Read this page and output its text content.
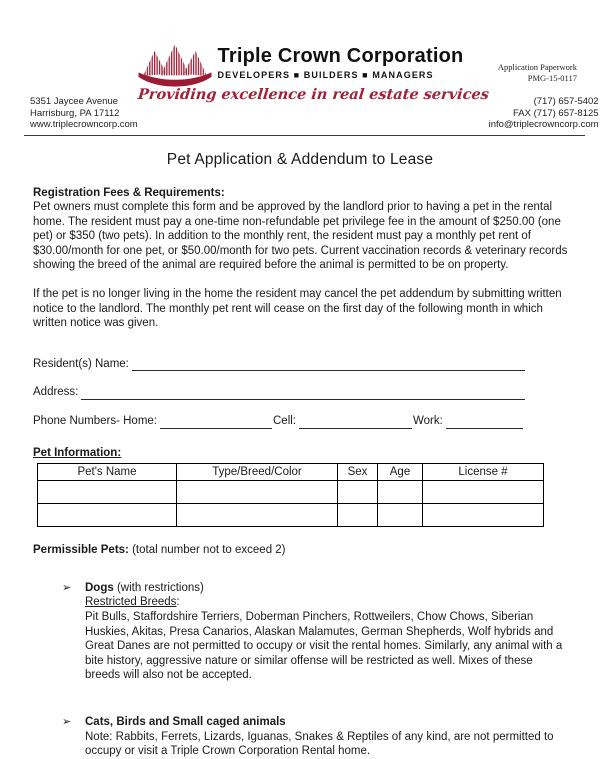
Application Paperwork
PMG-15-0117
Triple Crown Corporation
DEVELOPERS ■ BUILDERS ■ MANAGERS
5351 Jaycee Avenue
Harrisburg, PA 17112
www.triplecrowncorp.com
Providing excellence in real estate services	(717) 657-5402
FAX (717) 657-8125
info@triplecrowncorp.com
Pet Application & Addendum to Lease
Registration Fees & Requirements:
Pet owners must complete this form and be approved by the landlord prior to having a pet in the rental home. The resident must pay a one-time non-refundable pet privilege fee in the amount of $250.00 (one pet) or $350 (two pets). In addition to the monthly rent, the resident must pay a monthly pet rent of $30.00/month for one pet, or $50.00/month for two pets. Current vaccination records & veterinary records showing the breed of the animal are required before the animal is permitted to be on property.
If the pet is no longer living in the home the resident may cancel the pet addendum by submitting written notice to the landlord. The monthly pet rent will cease on the first day of the following month in which written notice was given.
Resident(s) Name:
Address:
Phone Numbers- Home:	Cell:	Work:
Pet Information:
Pet's Name	Type/Breed/Color	Sex	Age	License #

Permissible Pets: (total number not to exceed 2)
➢	Dogs (with restrictions)
Restricted Breeds:
Pit Bulls, Staffordshire Terriers, Doberman Pinchers, Rottweilers, Chow Chows, Siberian Huskies, Akitas, Presa Canarios, Alaskan Malamutes, German Shepherds, Wolf hybrids and Great Danes are not permitted to occupy or visit the rental homes. Similarly, any animal with a bite history, aggressive nature or similar offense will be restricted as well. Mixes of these breeds will also not be accepted.
➢	Cats, Birds and Small caged animals
Note: Rabbits, Ferrets, Lizards, Iguanas, Snakes & Reptiles of any kind, are not permitted to occupy or visit a Triple Crown Corporation Rental home.
